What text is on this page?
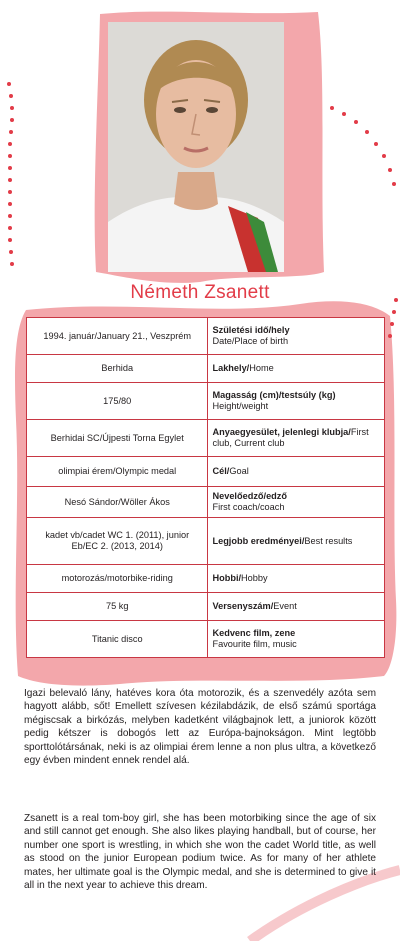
Németh Zsanett
1994. január/January 21., Veszprém	Születési idő/hely
Date/Place of birth
Berhida	Lakhely/Home
175/80	Magasság (cm)/testsúly (kg)
Height/weight
Berhidai SC/Újpesti Torna Egylet	Anyaegyesület, jelenlegi klubja/First club, Current club
olimpiai érem/Olympic medal	Cél/Goal
Nesó Sándor/Wöller Ákos	Nevelőedző/edző
First coach/coach
kadet vb/cadet WC 1. (2011), junior Eb/EC 2. (2013, 2014)	Legjobb eredményei/Best results
motorozás/motorbike-riding	Hobbi/Hobby
75 kg	Versenyszám/Event
Titanic disco	Kedvenc film, zene
Favourite film, music

Igazi belevaló lány, hatéves kora óta motorozik, és a szenvedély azóta sem hagyott alább, sőt! Emellett szívesen kézilabdázik, de első számú sportága mégiscsak a birkózás, melyben kadetként világbajnok lett, a juniorok között pedig kétszer is dobogós lett az Európa-bajnokságon. Mint legtöbb sporttolótársának, neki is az olimpiai érem lenne a non plus ultra, a következő egy évben mindent ennek rendel alá.

Zsanett is a real tom-boy girl, she has been motorbiking since the age of six and still cannot get enough. She also likes playing handball, but of course, her number one sport is wrestling, in which she won the cadet World title, as well as stood on the junior European podium twice. As for many of her athlete mates, her ultimate goal is the Olympic medal, and she is determined to give it all in the next year to achieve this dream.
